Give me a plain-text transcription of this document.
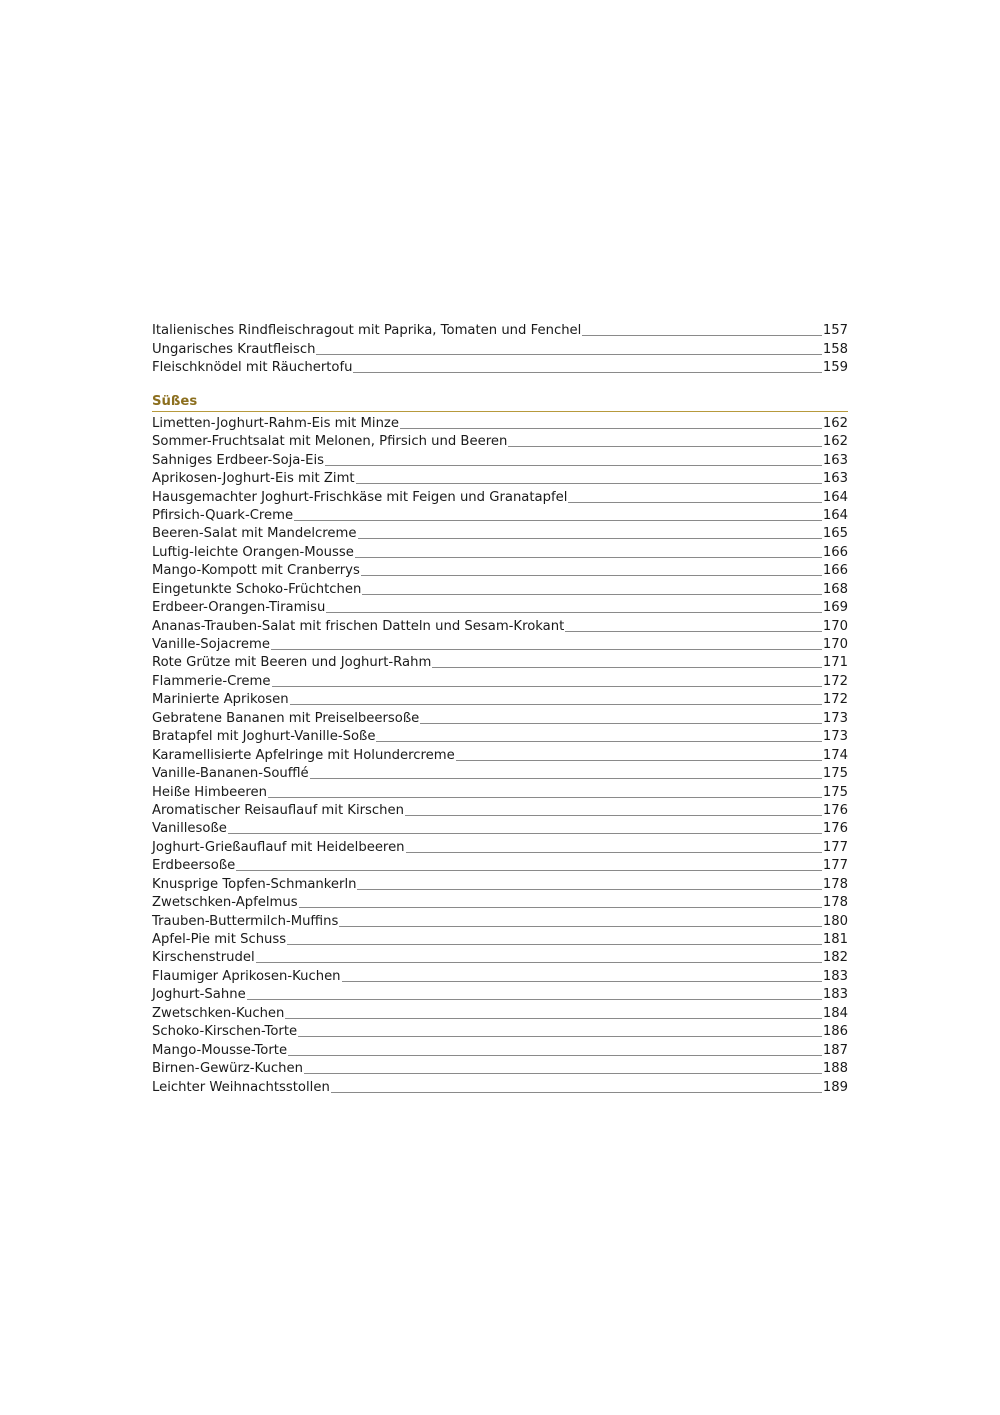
Italienisches Rindfleischragout mit Paprika, Tomaten und Fenchel	157
Ungarisches Krautfleisch	158
Fleischknödel mit Räuchertofu	159
Süßes
Limetten-Joghurt-Rahm-Eis mit Minze	162
Sommer-Fruchtsalat mit Melonen, Pfirsich und Beeren	162
Sahniges Erdbeer-Soja-Eis	163
Aprikosen-Joghurt-Eis mit Zimt	163
Hausgemachter Joghurt-Frischkäse mit Feigen und Granatapfel	164
Pfirsich-Quark-Creme	164
Beeren-Salat mit Mandelcreme	165
Luftig-leichte Orangen-Mousse	166
Mango-Kompott mit Cranberrys	166
Eingetunkte Schoko-Früchtchen	168
Erdbeer-Orangen-Tiramisu	169
Ananas-Trauben-Salat mit frischen Datteln und Sesam-Krokant	170
Vanille-Sojacreme	170
Rote Grütze mit Beeren und Joghurt-Rahm	171
Flammerie-Creme	172
Marinierte Aprikosen	172
Gebratene Bananen mit Preiselbeersoße	173
Bratapfel mit Joghurt-Vanille-Soße	173
Karamellisierte Apfelringe mit Holundercreme	174
Vanille-Bananen-Soufflé	175
Heiße Himbeeren	175
Aromatischer Reisauflauf mit Kirschen	176
Vanillesoße	176
Joghurt-Grießauflauf mit Heidelbeeren	177
Erdbeersoße	177
Knusprige Topfen-Schmankerln	178
Zwetschken-Apfelmus	178
Trauben-Buttermilch-Muffins	180
Apfel-Pie mit Schuss	181
Kirschenstrudel	182
Flaumiger Aprikosen-Kuchen	183
Joghurt-Sahne	183
Zwetschken-Kuchen	184
Schoko-Kirschen-Torte	186
Mango-Mousse-Torte	187
Birnen-Gewürz-Kuchen	188
Leichter Weihnachtsstollen	189
